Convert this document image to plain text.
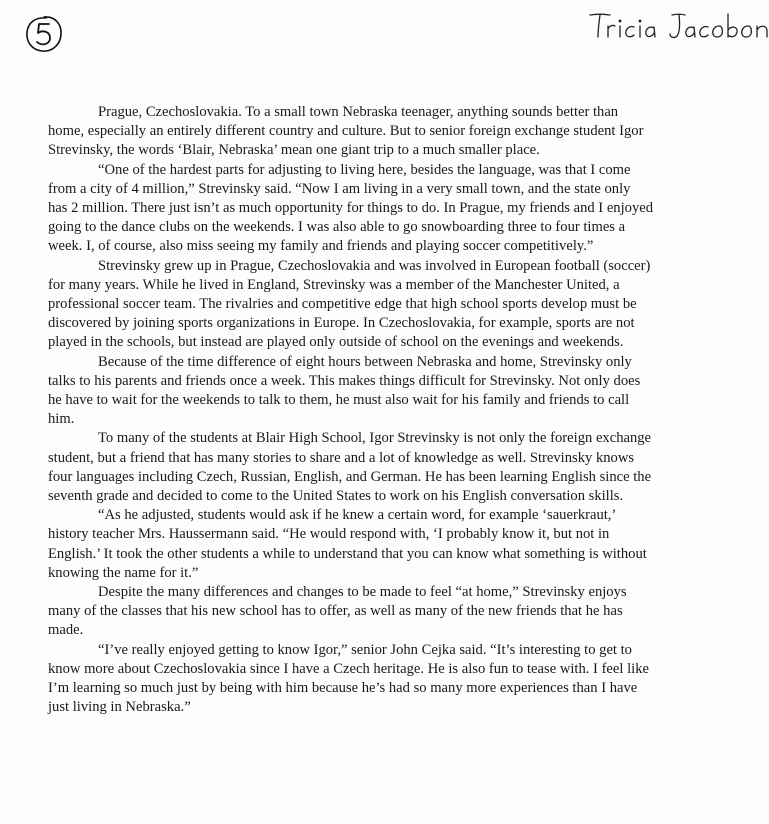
Prague, Czechoslovakia. To a small town Nebraska teenager, anything sounds better than home, especially an entirely different country and culture. But to senior foreign exchange student Igor Strevinsky, the words ‘Blair, Nebraska’ mean one giant trip to a much smaller place.

“One of the hardest parts for adjusting to living here, besides the language, was that I come from a city of 4 million,” Strevinsky said. “Now I am living in a very small town, and the state only has 2 million. There just isn’t as much opportunity for things to do. In Prague, my friends and I enjoyed going to the dance clubs on the weekends. I was also able to go snowboarding three to four times a week. I, of course, also miss seeing my family and friends and playing soccer competitively.”

Strevinsky grew up in Prague, Czechoslovakia and was involved in European football (soccer) for many years. While he lived in England, Strevinsky was a member of the Manchester United, a professional soccer team. The rivalries and competitive edge that high school sports develop must be discovered by joining sports organizations in Europe. In Czechoslovakia, for example, sports are not played in the schools, but instead are played only outside of school on the evenings and weekends.

Because of the time difference of eight hours between Nebraska and home, Strevinsky only talks to his parents and friends once a week. This makes things difficult for Strevinsky. Not only does he have to wait for the weekends to talk to them, he must also wait for his family and friends to call him.

To many of the students at Blair High School, Igor Strevinsky is not only the foreign exchange student, but a friend that has many stories to share and a lot of knowledge as well. Strevinsky knows four languages including Czech, Russian, English, and German. He has been learning English since the seventh grade and decided to come to the United States to work on his English conversation skills.

“As he adjusted, students would ask if he knew a certain word, for example ‘sauerkraut,’ history teacher Mrs. Haussermann said. “He would respond with, ‘I probably know it, but not in English.’ It took the other students a while to understand that you can know what something is without knowing the name for it.”

Despite the many differences and changes to be made to feel “at home,” Strevinsky enjoys many of the classes that his new school has to offer, as well as many of the new friends that he has made.

“I’ve really enjoyed getting to know Igor,” senior John Cejka said. “It’s interesting to get to know more about Czechoslovakia since I have a Czech heritage. He is also fun to tease with. I feel like I’m learning so much just by being with him because he’s had so many more experiences than I have just living in Nebraska.”
